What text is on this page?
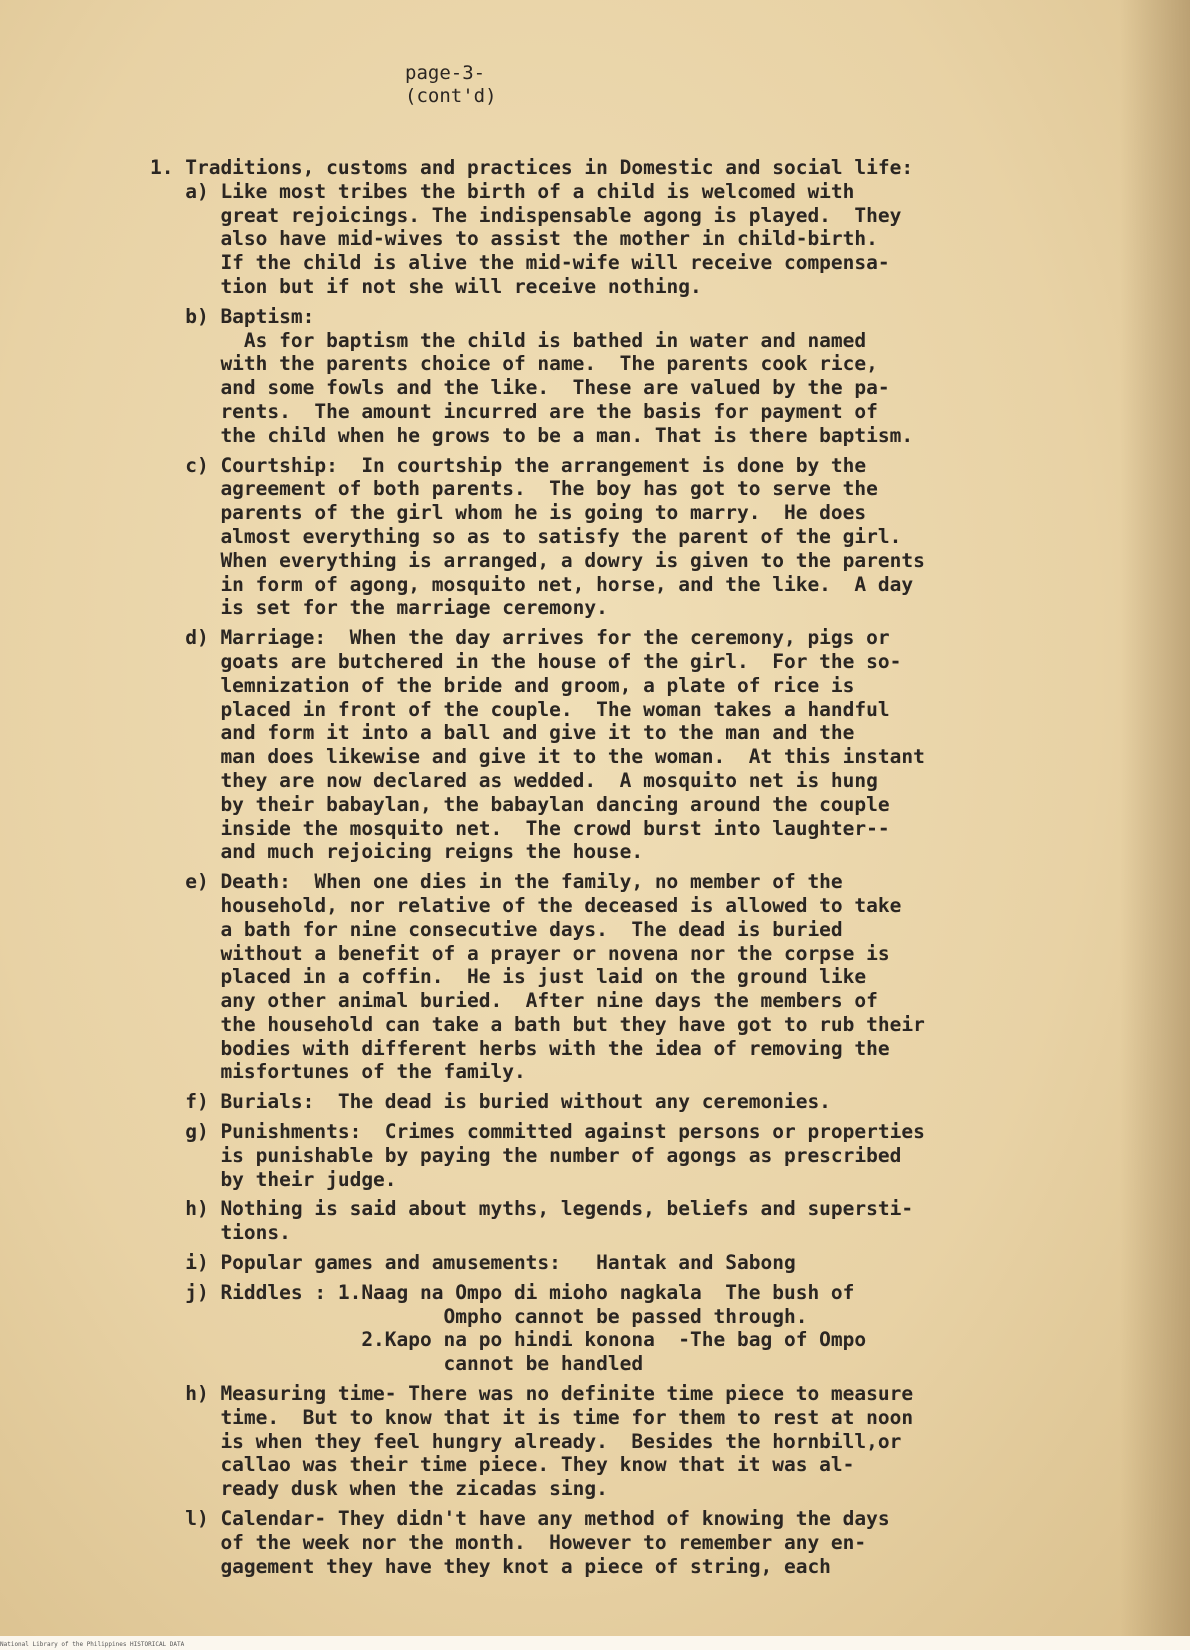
page-3-
(cont'd)
1. Traditions, customs and practices in Domestic and social life:
a) Like most tribes the birth of a child is welcomed with
great rejoicings. The indispensable agong is played.  They
also have mid-wives to assist the mother in child-birth.
If the child is alive the mid-wife will receive compensa-
tion but if not she will receive nothing.
b) Baptism:
As for baptism the child is bathed in water and named
with the parents choice of name.  The parents cook rice,
and some fowls and the like.  These are valued by the pa-
rents.  The amount incurred are the basis for payment of
the child when he grows to be a man. That is there baptism.
c) Courtship:  In courtship the arrangement is done by the
agreement of both parents.  The boy has got to serve the
parents of the girl whom he is going to marry.  He does
almost everything so as to satisfy the parent of the girl.
When everything is arranged, a dowry is given to the parents
in form of agong, mosquito net, horse, and the like.  A day
is set for the marriage ceremony.
d) Marriage:  When the day arrives for the ceremony, pigs or
goats are butchered in the house of the girl.  For the so-
lemnization of the bride and groom, a plate of rice is
placed in front of the couple.  The woman takes a handful
and form it into a ball and give it to the man and the
man does likewise and give it to the woman.  At this instant
they are now declared as wedded.  A mosquito net is hung
by their babaylan, the babaylan dancing around the couple
inside the mosquito net.  The crowd burst into laughter--
and much rejoicing reigns the house.
e) Death:  When one dies in the family, no member of the
household, nor relative of the deceased is allowed to take
a bath for nine consecutive days.  The dead is buried
without a benefit of a prayer or novena nor the corpse is
placed in a coffin.  He is just laid on the ground like
any other animal buried.  After nine days the members of
the household can take a bath but they have got to rub their
bodies with different herbs with the idea of removing the
misfortunes of the family.
f) Burials:  The dead is buried without any ceremonies.
g) Punishments:  Crimes committed against persons or properties
is punishable by paying the number of agongs as prescribed
by their judge.
h) Nothing is said about myths, legends, beliefs and supersti-
tions.
i) Popular games and amusements:   Hantak and Sabong
j) Riddles : 1.Naag na Ompo di mioho nagkala  The bush of
Ompho cannot be passed through.
2.Kapo na po hindi konona  -The bag of Ompo
cannot be handled
h) Measuring time- There was no definite time piece to measure
time.  But to know that it is time for them to rest at noon
is when they feel hungry already.  Besides the hornbill,or
callao was their time piece. They know that it was al-
ready dusk when the zicadas sing.
l) Calendar- They didn't have any method of knowing the days
of the week nor the month.  However to remember any en-
gagement they have they knot a piece of string, each
National Library of the Philippines HISTORICAL DATA
